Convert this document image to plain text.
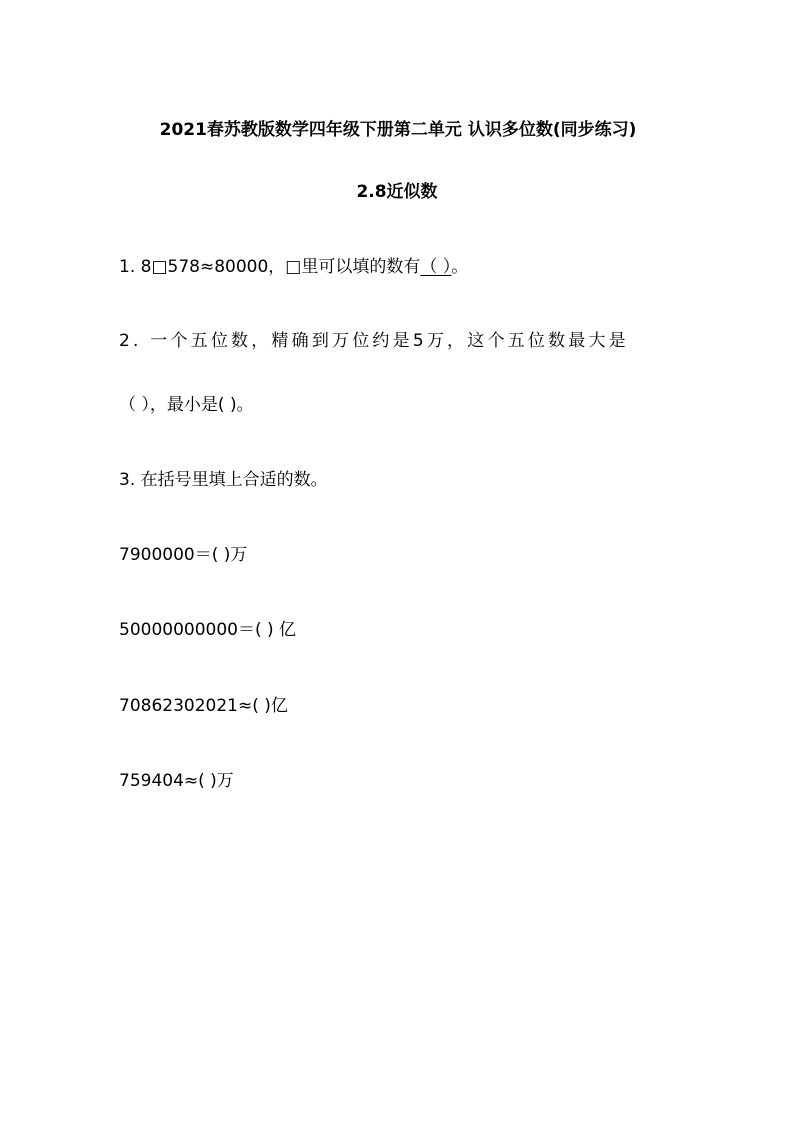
2021春苏教版数学四年级下册第二单元 认识多位数(同步练习)
2.8近似数
1. 8□578≈80000，□里可以填的数有（ ）。
2. 一个五位数，精确到万位约是5万，这个五位数最大是
（ ），最小是( )。
3. 在括号里填上合适的数。
7900000＝( )万
50000000000＝( ) 亿
70862302021≈( )亿
759404≈( )万
